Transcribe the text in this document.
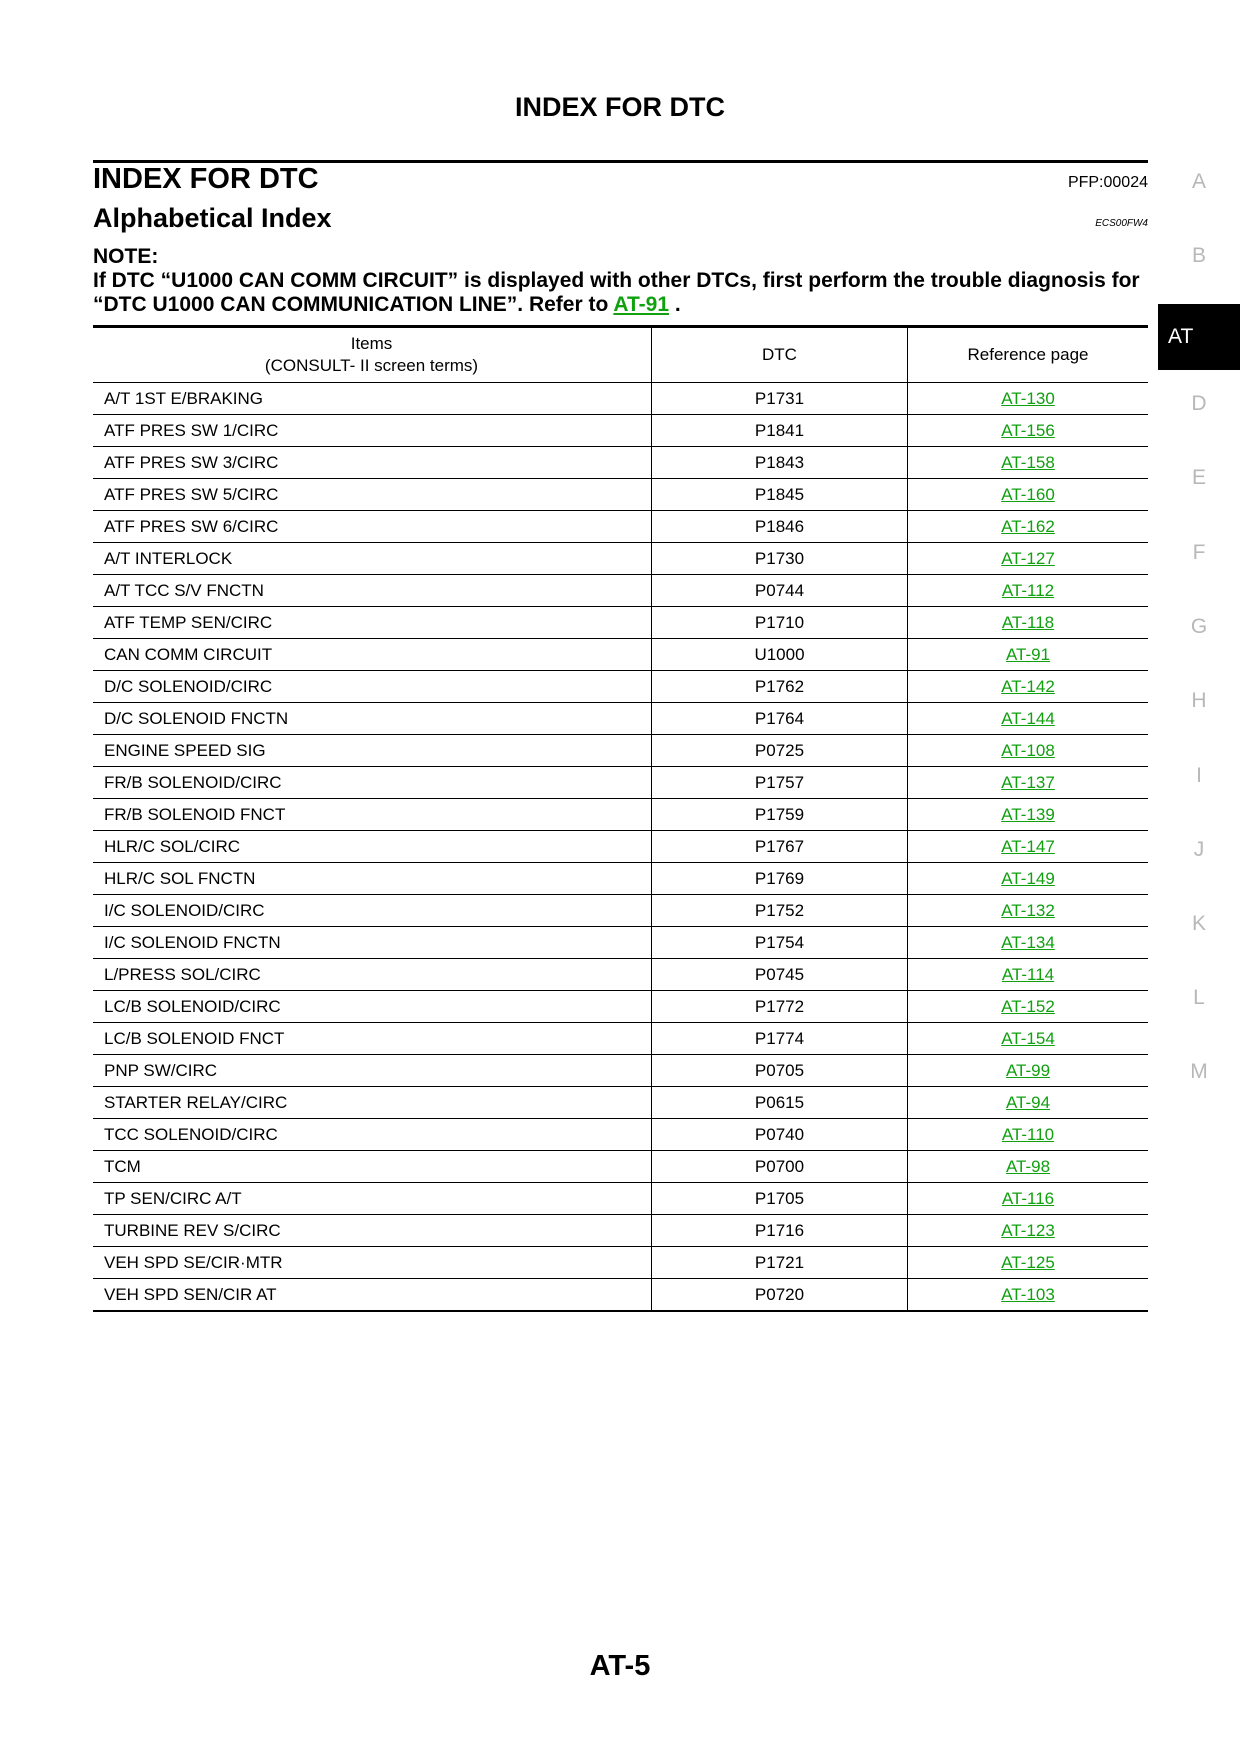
INDEX FOR DTC
INDEX FOR DTC	PFP:00024
Alphabetical Index	ECS00FW4
NOTE:
If DTC “U1000 CAN COMM CIRCUIT” is displayed with other DTCs, first perform the trouble diagnosis for “DTC U1000 CAN COMMUNICATION LINE”. Refer to AT-91 .
Items
(CONSULT- II screen terms)	DTC	Reference page
A/T 1ST E/BRAKING	P1731	AT-130
ATF PRES SW 1/CIRC	P1841	AT-156
ATF PRES SW 3/CIRC	P1843	AT-158
ATF PRES SW 5/CIRC	P1845	AT-160
ATF PRES SW 6/CIRC	P1846	AT-162
A/T INTERLOCK	P1730	AT-127
A/T TCC S/V FNCTN	P0744	AT-112
ATF TEMP SEN/CIRC	P1710	AT-118
CAN COMM CIRCUIT	U1000	AT-91
D/C SOLENOID/CIRC	P1762	AT-142
D/C SOLENOID FNCTN	P1764	AT-144
ENGINE SPEED SIG	P0725	AT-108
FR/B SOLENOID/CIRC	P1757	AT-137
FR/B SOLENOID FNCT	P1759	AT-139
HLR/C SOL/CIRC	P1767	AT-147
HLR/C SOL FNCTN	P1769	AT-149
I/C SOLENOID/CIRC	P1752	AT-132
I/C SOLENOID FNCTN	P1754	AT-134
L/PRESS SOL/CIRC	P0745	AT-114
LC/B SOLENOID/CIRC	P1772	AT-152
LC/B SOLENOID FNCT	P1774	AT-154
PNP SW/CIRC	P0705	AT-99
STARTER RELAY/CIRC	P0615	AT-94
TCC SOLENOID/CIRC	P0740	AT-110
TCM	P0700	AT-98
TP SEN/CIRC A/T	P1705	AT-116
TURBINE REV S/CIRC	P1716	AT-123
VEH SPD SE/CIR·MTR	P1721	AT-125
VEH SPD SEN/CIR AT	P0720	AT-103
A
B
AT
D
E
F
G
H
I
J
K
L
M
AT-5
